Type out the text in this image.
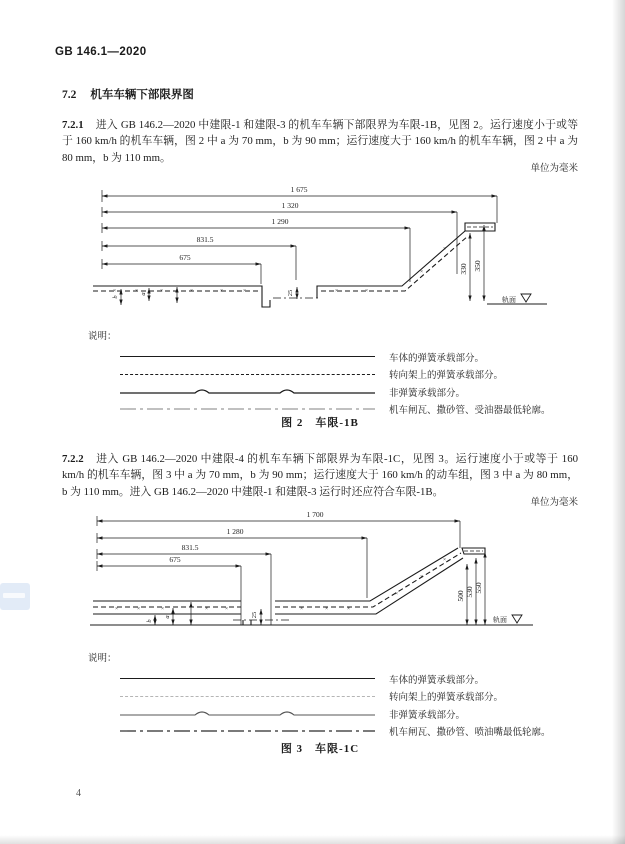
GB 146.1—2020
7.2 机车车辆下部限界图

7.2.1 进入 GB 146.2—2020 中建限-1 和建限-3 的机车车辆下部限界为车限-1B，见图 2。运行速度小于或等于 160 km/h 的机车车辆，图 2 中 a 为 70 mm，b 为 90 mm；运行速度大于 160 km/h 的机车车辆，图 2 中 a 为 80 mm，b 为 110 mm。

单位为毫米
×	×	×	×	×	×	×	×
×
×
1 675
1 320
1 290
831.5
675
330 350
25
b
a
轨面
说明：
车体的弹簧承载部分。
转向架上的弹簧承载部分。
非弹簧承载部分。
机车闸瓦、撒砂管、受油器最低轮廓。
图 2　车限-1B

7.2.2 进入 GB 146.2—2020 中建限-4 的机车车辆下部限界为车限-1C，见图 3。运行速度小于或等于 160 km/h 的机车车辆，图 3 中 a 为 70 mm，b 为 90 mm；运行速度大于 160 km/h 的动车组，图 3 中 a 为 80 mm，b 为 110 mm。进入 GB 146.2—2020 中建限-1 和建限-3 运行时还应符合车限-1B。

单位为毫米
×	×	×	×	×	×	×	×
×
×
×
1 700
1 280
831.5
675
500 530 550
25
b
a	轨面
说明：
车体的弹簧承载部分。
转向架上的弹簧承载部分。
非弹簧承载部分。
机车闸瓦、撒砂管、喷油嘴最低轮廓。
图 3　车限-1C
4
